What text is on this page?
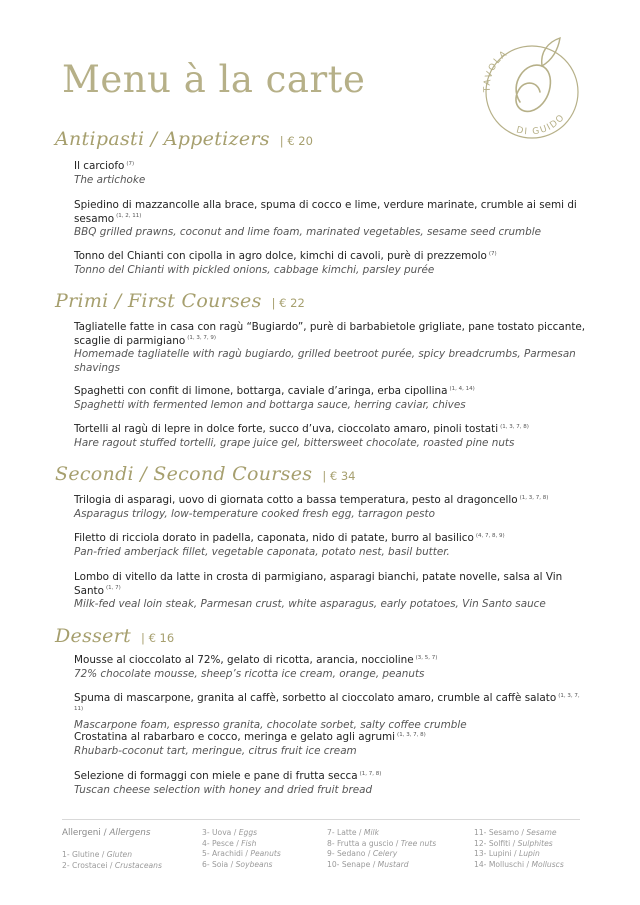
Menu à la carte	TAVOLA
DI GUIDO
Antipasti / Appetizers | € 20
Il carciofo $^{(7)}$
The artichoke
Spiedino di mazzancolle alla brace, spuma di cocco e lime, verdure marinate, crumble ai semi di sesamo $^{(1, 2, 11)}$
BBQ grilled prawns, coconut and lime foam, marinated vegetables, sesame seed crumble
Tonno del Chianti con cipolla in agro dolce, kimchi di cavoli, purè di prezzemolo $^{(7)}$
Tonno del Chianti with pickled onions, cabbage kimchi, parsley purée
Primi / First Courses | € 22
Tagliatelle fatte in casa con ragù “Bugiardo”, purè di barbabietole grigliate, pane tostato piccante, scaglie di parmigiano $^{(1, 3, 7, 9)}$
Homemade tagliatelle with ragù bugiardo, grilled beetroot purée, spicy breadcrumbs, Parmesan shavings
Spaghetti con confit di limone, bottarga, caviale d’aringa, erba cipollina $^{(1, 4, 14)}$
Spaghetti with fermented lemon and bottarga sauce, herring caviar, chives
Tortelli al ragù di lepre in dolce forte, succo d’uva, cioccolato amaro, pinoli tostati $^{(1, 3, 7, 8)}$
Hare ragout stuffed tortelli, grape juice gel, bittersweet chocolate, roasted pine nuts
Secondi / Second Courses | € 34
Trilogia di asparagi, uovo di giornata cotto a bassa temperatura, pesto al dragoncello $^{(1, 3, 7, 8)}$
Asparagus trilogy, low-temperature cooked fresh egg, tarragon pesto
Filetto di ricciola dorato in padella, caponata, nido di patate, burro al basilico $^{(4, 7, 8, 9)}$
Pan-fried amberjack fillet, vegetable caponata, potato nest, basil butter.
Lombo di vitello da latte in crosta di parmigiano, asparagi bianchi, patate novelle, salsa al Vin Santo $^{(1, 7)}$
Milk-fed veal loin steak, Parmesan crust, white asparagus, early potatoes, Vin Santo sauce
Dessert | € 16
Mousse al cioccolato al 72%, gelato di ricotta, arancia, noccioline $^{(3, 5, 7)}$
72% chocolate mousse, sheep’s ricotta ice cream, orange, peanuts
Spuma di mascarpone, granita al caffè, sorbetto al cioccolato amaro, crumble al caffè salato $^{(1, 3, 7, 11)}$
Mascarpone foam, espresso granita, chocolate sorbet, salty coffee crumble
Crostatina al rabarbaro e cocco, meringa e gelato agli agrumi $^{(1, 3, 7, 8)}$
Rhubarb-coconut tart, meringue, citrus fruit ice cream
Selezione di formaggi con miele e pane di frutta secca $^{(1, 7, 8)}$
Tuscan cheese selection with honey and dried fruit bread
Allergeni / Allergens
1- Glutine / Gluten
2- Crostacei / Crustaceans
3- Uova / Eggs
4- Pesce / Fish
5- Arachidi / Peanuts
6- Soia / Soybeans
7- Latte / Milk
8- Frutta a guscio / Tree nuts
9- Sedano / Celery
10- Senape / Mustard
11- Sesamo / Sesame
12- Solfiti / Sulphites
13- Lupini / Lupin
14- Molluschi / Molluscs
